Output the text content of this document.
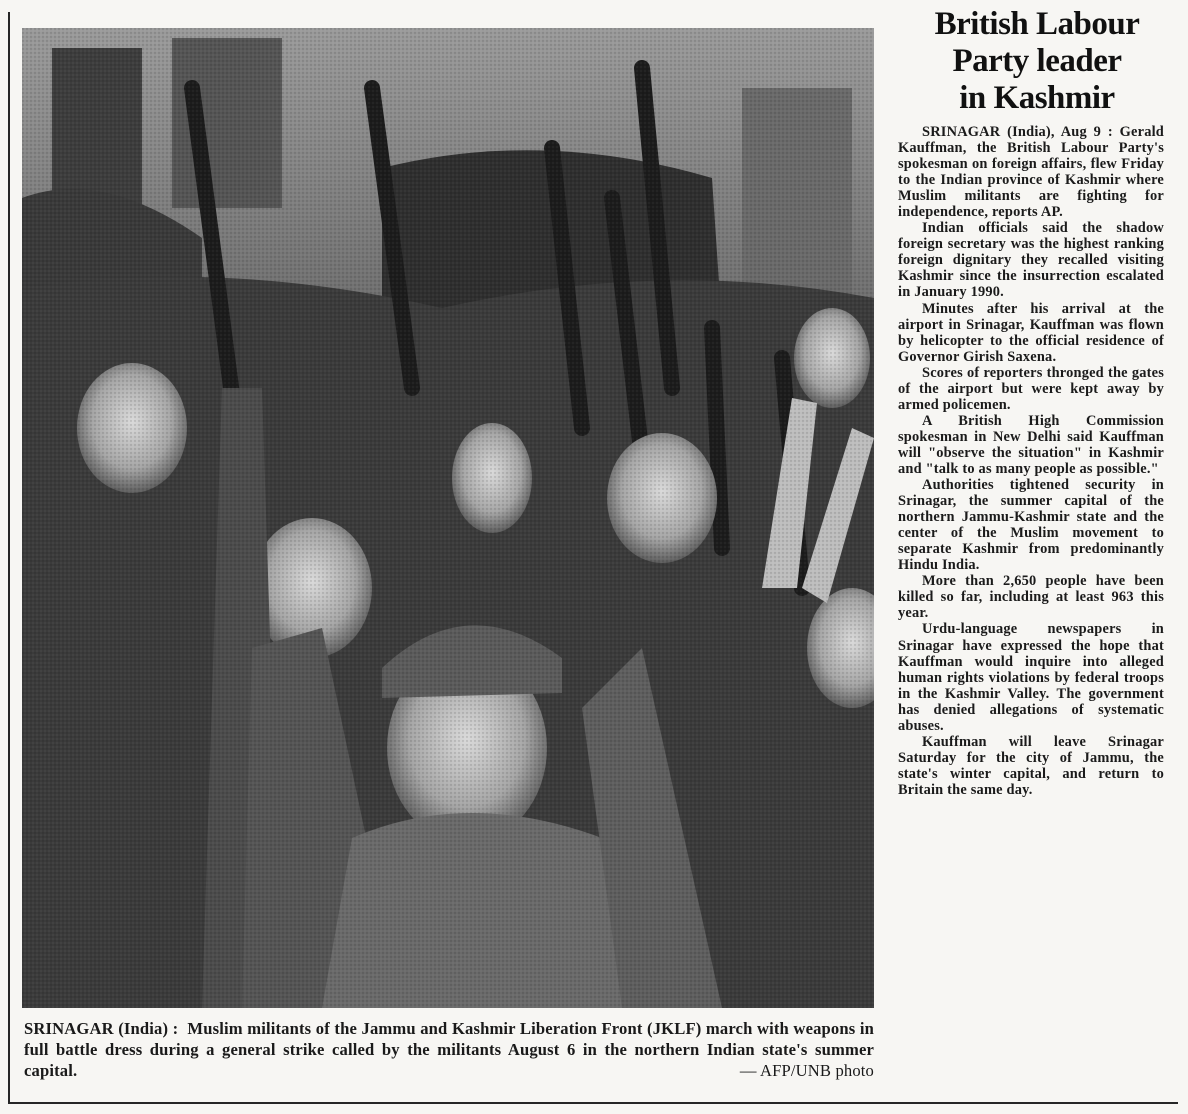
SRINAGAR (India) : Muslim militants of the Jammu and Kashmir Liberation Front (JKLF) march with weapons in full battle dress during a general strike called by the militants August 6 in the northern Indian state's summer capital.	— AFP/UNB photo
British Labour
Party leader
in Kashmir

SRINAGAR (India), Aug 9 : Gerald Kauffman, the British Labour Party's spokesman on foreign affairs, flew Friday to the Indian province of Kashmir where Muslim militants are fighting for independence, reports AP.

Indian officials said the shadow foreign secretary was the highest ranking foreign dignitary they recalled visiting Kashmir since the insurrection escalated in January 1990.

Minutes after his arrival at the airport in Srinagar, Kauffman was flown by helicopter to the official residence of Governor Girish Saxena.

Scores of reporters thronged the gates of the airport but were kept away by armed policemen.

A British High Commission spokesman in New Delhi said Kauffman will "observe the situation" in Kashmir and "talk to as many people as possible."

Authorities tightened security in Srinagar, the summer capital of the northern Jammu-Kashmir state and the center of the Muslim movement to separate Kashmir from predominantly Hindu India.

More than 2,650 people have been killed so far, including at least 963 this year.

Urdu-language newspapers in Srinagar have expressed the hope that Kauffman would inquire into alleged human rights violations by federal troops in the Kashmir Valley. The government has denied allegations of systematic abuses.

Kauffman will leave Srinagar Saturday for the city of Jammu, the state's winter capital, and return to Britain the same day.
